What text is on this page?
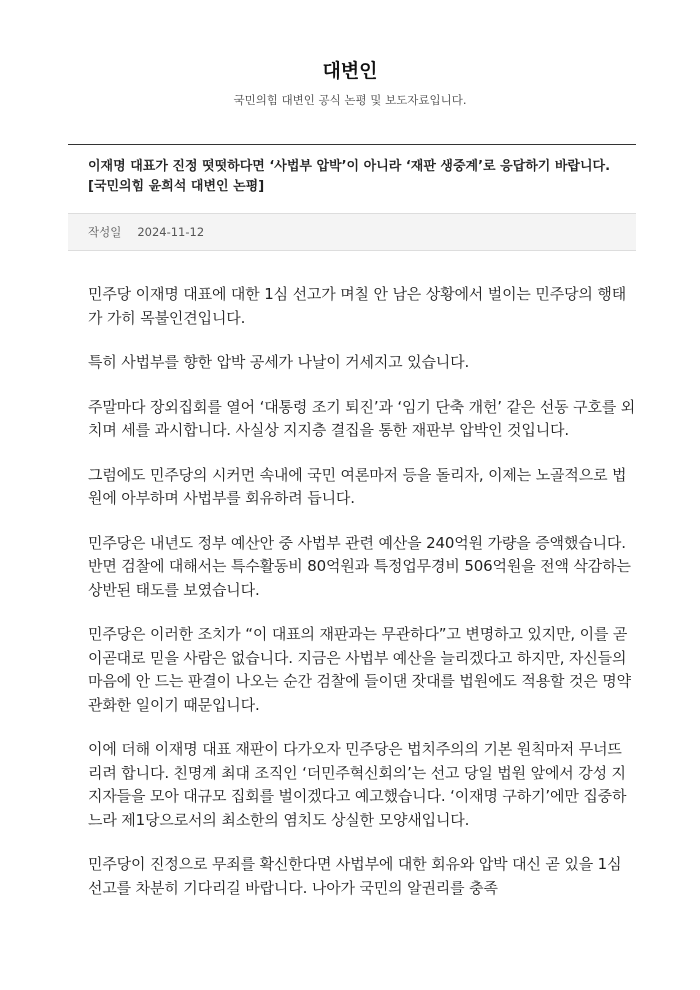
대변인

국민의힘 대변인 공식 논평 및 보도자료입니다.

이재명 대표가 진정 떳떳하다면 ‘사법부 압박’이 아니라 ‘재판 생중계’로 응답하기 바랍니다. [국민의힘 윤희석 대변인 논평]
작성일 2024-11-12

민주당 이재명 대표에 대한 1심 선고가 며칠 안 남은 상황에서 벌이는 민주당의 행태가 가히 목불인견입니다.

특히 사법부를 향한 압박 공세가 나날이 거세지고 있습니다.

주말마다 장외집회를 열어 ‘대통령 조기 퇴진’과 ‘임기 단축 개헌’ 같은 선동 구호를 외치며 세를 과시합니다. 사실상 지지층 결집을 통한 재판부 압박인 것입니다.

그럼에도 민주당의 시커먼 속내에 국민 여론마저 등을 돌리자, 이제는 노골적으로 법원에 아부하며 사법부를 회유하려 듭니다.

민주당은 내년도 정부 예산안 중 사법부 관련 예산을 240억원 가량을 증액했습니다. 반면 검찰에 대해서는 특수활동비 80억원과 특정업무경비 506억원을 전액 삭감하는 상반된 태도를 보였습니다.

민주당은 이러한 조치가 “이 대표의 재판과는 무관하다”고 변명하고 있지만, 이를 곧이곧대로 믿을 사람은 없습니다. 지금은 사법부 예산을 늘리겠다고 하지만, 자신들의 마음에 안 드는 판결이 나오는 순간 검찰에 들이댄 잣대를 법원에도 적용할 것은 명약관화한 일이기 때문입니다.

이에 더해 이재명 대표 재판이 다가오자 민주당은 법치주의의 기본 원칙마저 무너뜨리려 합니다. 친명계 최대 조직인 ‘더민주혁신회의’는 선고 당일 법원 앞에서 강성 지지자들을 모아 대규모 집회를 벌이겠다고 예고했습니다. ‘이재명 구하기’에만 집중하느라 제1당으로서의 최소한의 염치도 상실한 모양새입니다.

민주당이 진정으로 무죄를 확신한다면 사법부에 대한 회유와 압박 대신 곧 있을 1심 선고를 차분히 기다리길 바랍니다. 나아가 국민의 알권리를 충족
